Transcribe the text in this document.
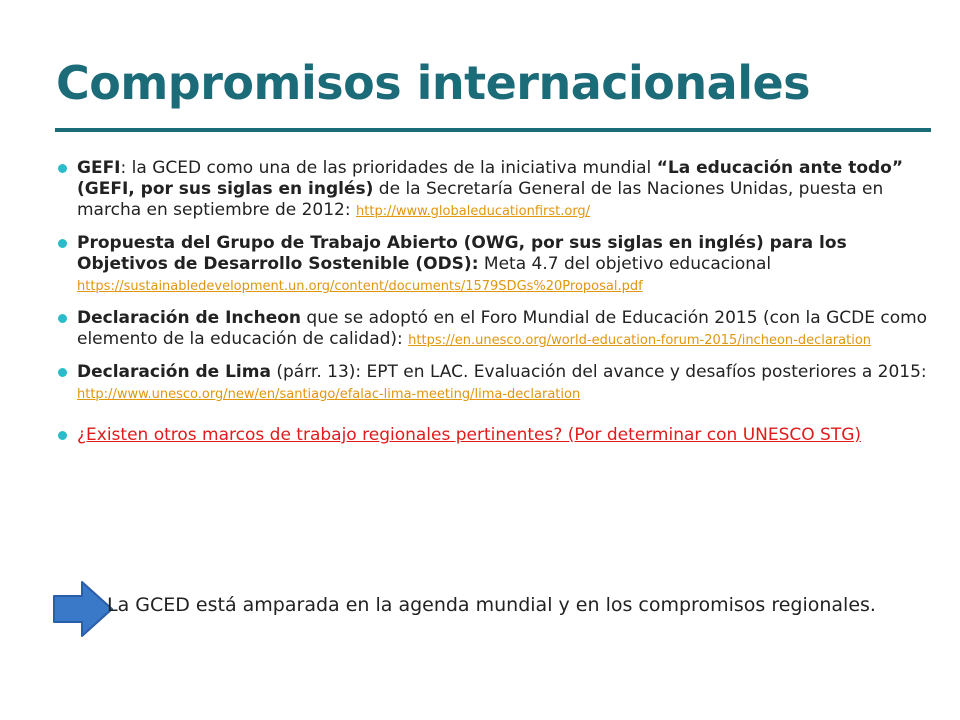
Compromisos internacionales
GEFI: la GCED como una de las prioridades de la iniciativa mundial “La educación ante todo” (GEFI, por sus siglas en inglés) de la Secretaría General de las Naciones Unidas, puesta en marcha en septiembre de 2012: http://www.globaleducationfirst.org/
Propuesta del Grupo de Trabajo Abierto (OWG, por sus siglas en inglés) para los Objetivos de Desarrollo Sostenible (ODS): Meta 4.7 del objetivo educacional https://sustainabledevelopment.un.org/content/documents/1579SDGs%20Proposal.pdf
Declaración de Incheon que se adoptó en el Foro Mundial de Educación 2015 (con la GCDE como elemento de la educación de calidad): https://en.unesco.org/world-education-forum-2015/incheon-declaration
Declaración de Lima (párr. 13): EPT en LAC. Evaluación del avance y desafíos posteriores a 2015: http://www.unesco.org/new/en/santiago/efalac-lima-meeting/lima-declaration
¿Existen otros marcos de trabajo regionales pertinentes? (Por determinar con UNESCO STG)
La GCED está amparada en la agenda mundial y en los compromisos regionales.
